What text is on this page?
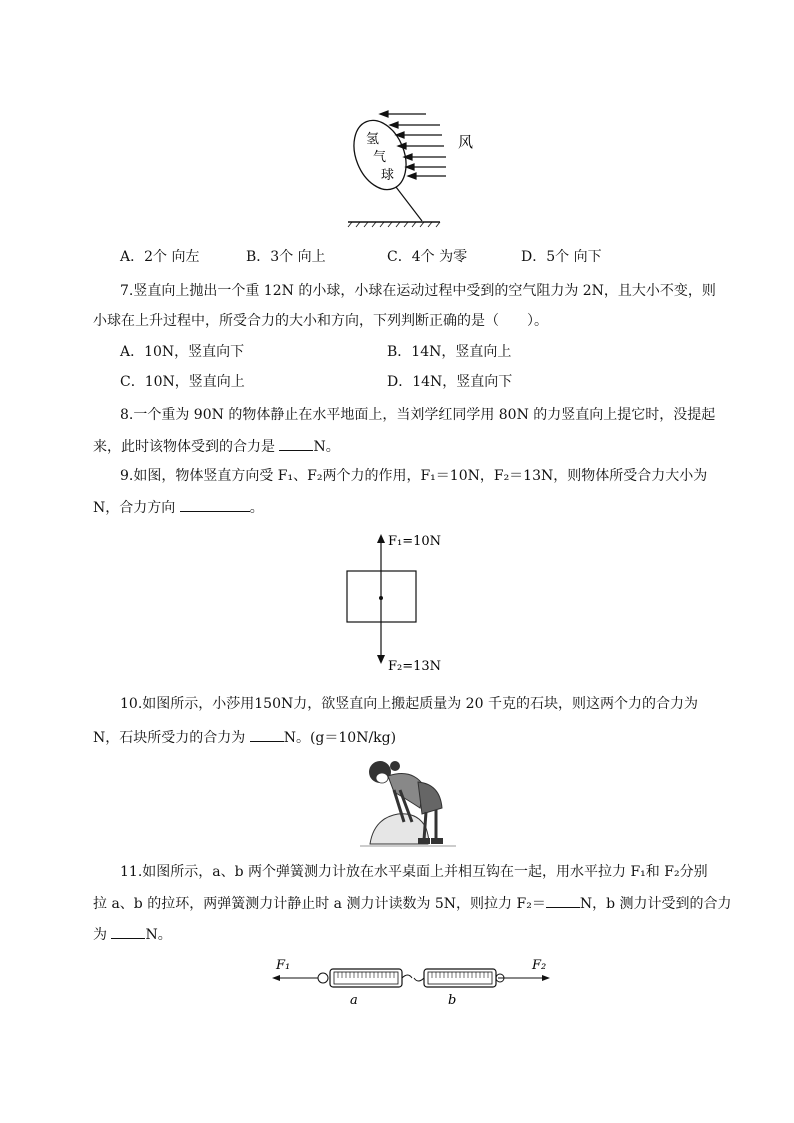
氢
气
球
风
A．2个 向左	B．3个 向上	C．4个 为零	D．5个 向下
7.竖直向上抛出一个重 12N 的小球，小球在运动过程中受到的空气阻力为 2N，且大小不变，则
小球在上升过程中，所受合力的大小和方向，下列判断正确的是（　　）。
A．10N，竖直向下	B．14N，竖直向上
C．10N，竖直向上	D．14N，竖直向下
8.一个重为 90N 的物体静止在水平地面上，当刘学红同学用 80N 的力竖直向上提它时，没提起
来，此时该物体受到的合力是 N。
9.如图，物体竖直方向受 F₁、F₂两个力的作用，F₁＝10N，F₂＝13N，则物体所受合力大小为
N，合力方向	。
F₁=10N
F₂=13N
10.如图所示，小莎用150N力，欲竖直向上搬起质量为 20 千克的石块，则这两个力的合力为
N，石块所受力的合力为 N。(g＝10N/kg)
11.如图所示，a、b 两个弹簧测力计放在水平桌面上并相互钩在一起，用水平拉力 F₁和 F₂分别
拉 a、b 的拉环，两弹簧测力计静止时 a 测力计读数为 5N，则拉力 F₂＝ N，b 测力计受到的合力
为 N。
F₁	F₂
a	b
